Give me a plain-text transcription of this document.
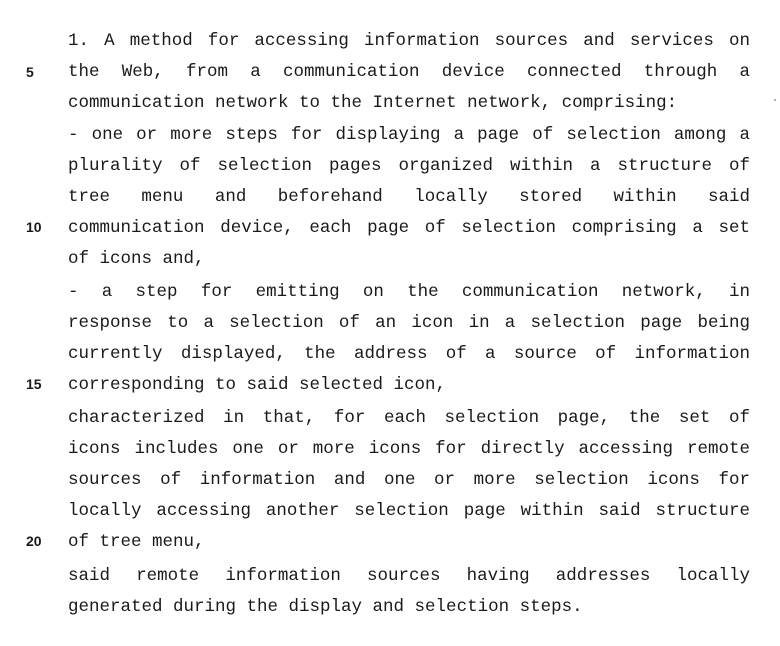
5
10
15
20
1. A method for accessing information sources and services on
the Web, from a communication device connected through a
communication network to the Internet network, comprising:
- one or more steps for displaying a page of selection among a
plurality of selection pages organized within a structure of
tree menu and beforehand locally stored within said
communication device, each page of selection comprising a set
of icons and,
- a step for emitting on the communication network, in
response to a selection of an icon in a selection page being
currently displayed, the address of a source of information
corresponding to said selected icon,
characterized in that, for each selection page, the set of
icons includes one or more icons for directly accessing remote
sources of information and one or more selection icons for
locally accessing another selection page within said structure
of tree menu,
said remote information sources having addresses locally
generated during the display and selection steps.
